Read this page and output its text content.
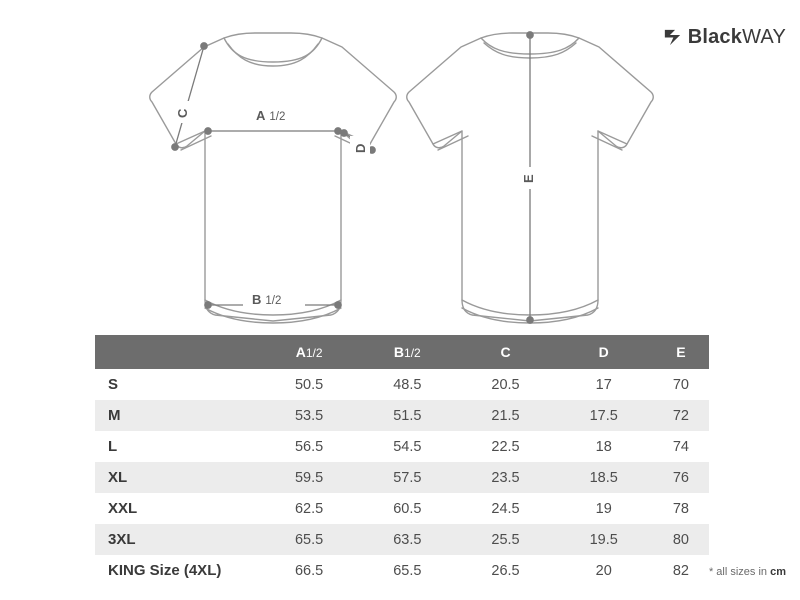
BlackWAY
A 1/2
B 1/2
C
D
E
	A1/2	B1/2	C	D	E
S	50.5	48.5	20.5	17	70
M	53.5	51.5	21.5	17.5	72
L	56.5	54.5	22.5	18	74
XL	59.5	57.5	23.5	18.5	76
XXL	62.5	60.5	24.5	19	78
3XL	65.5	63.5	25.5	19.5	80
KING Size (4XL)	66.5	65.5	26.5	20	82 * all sizes in cm
